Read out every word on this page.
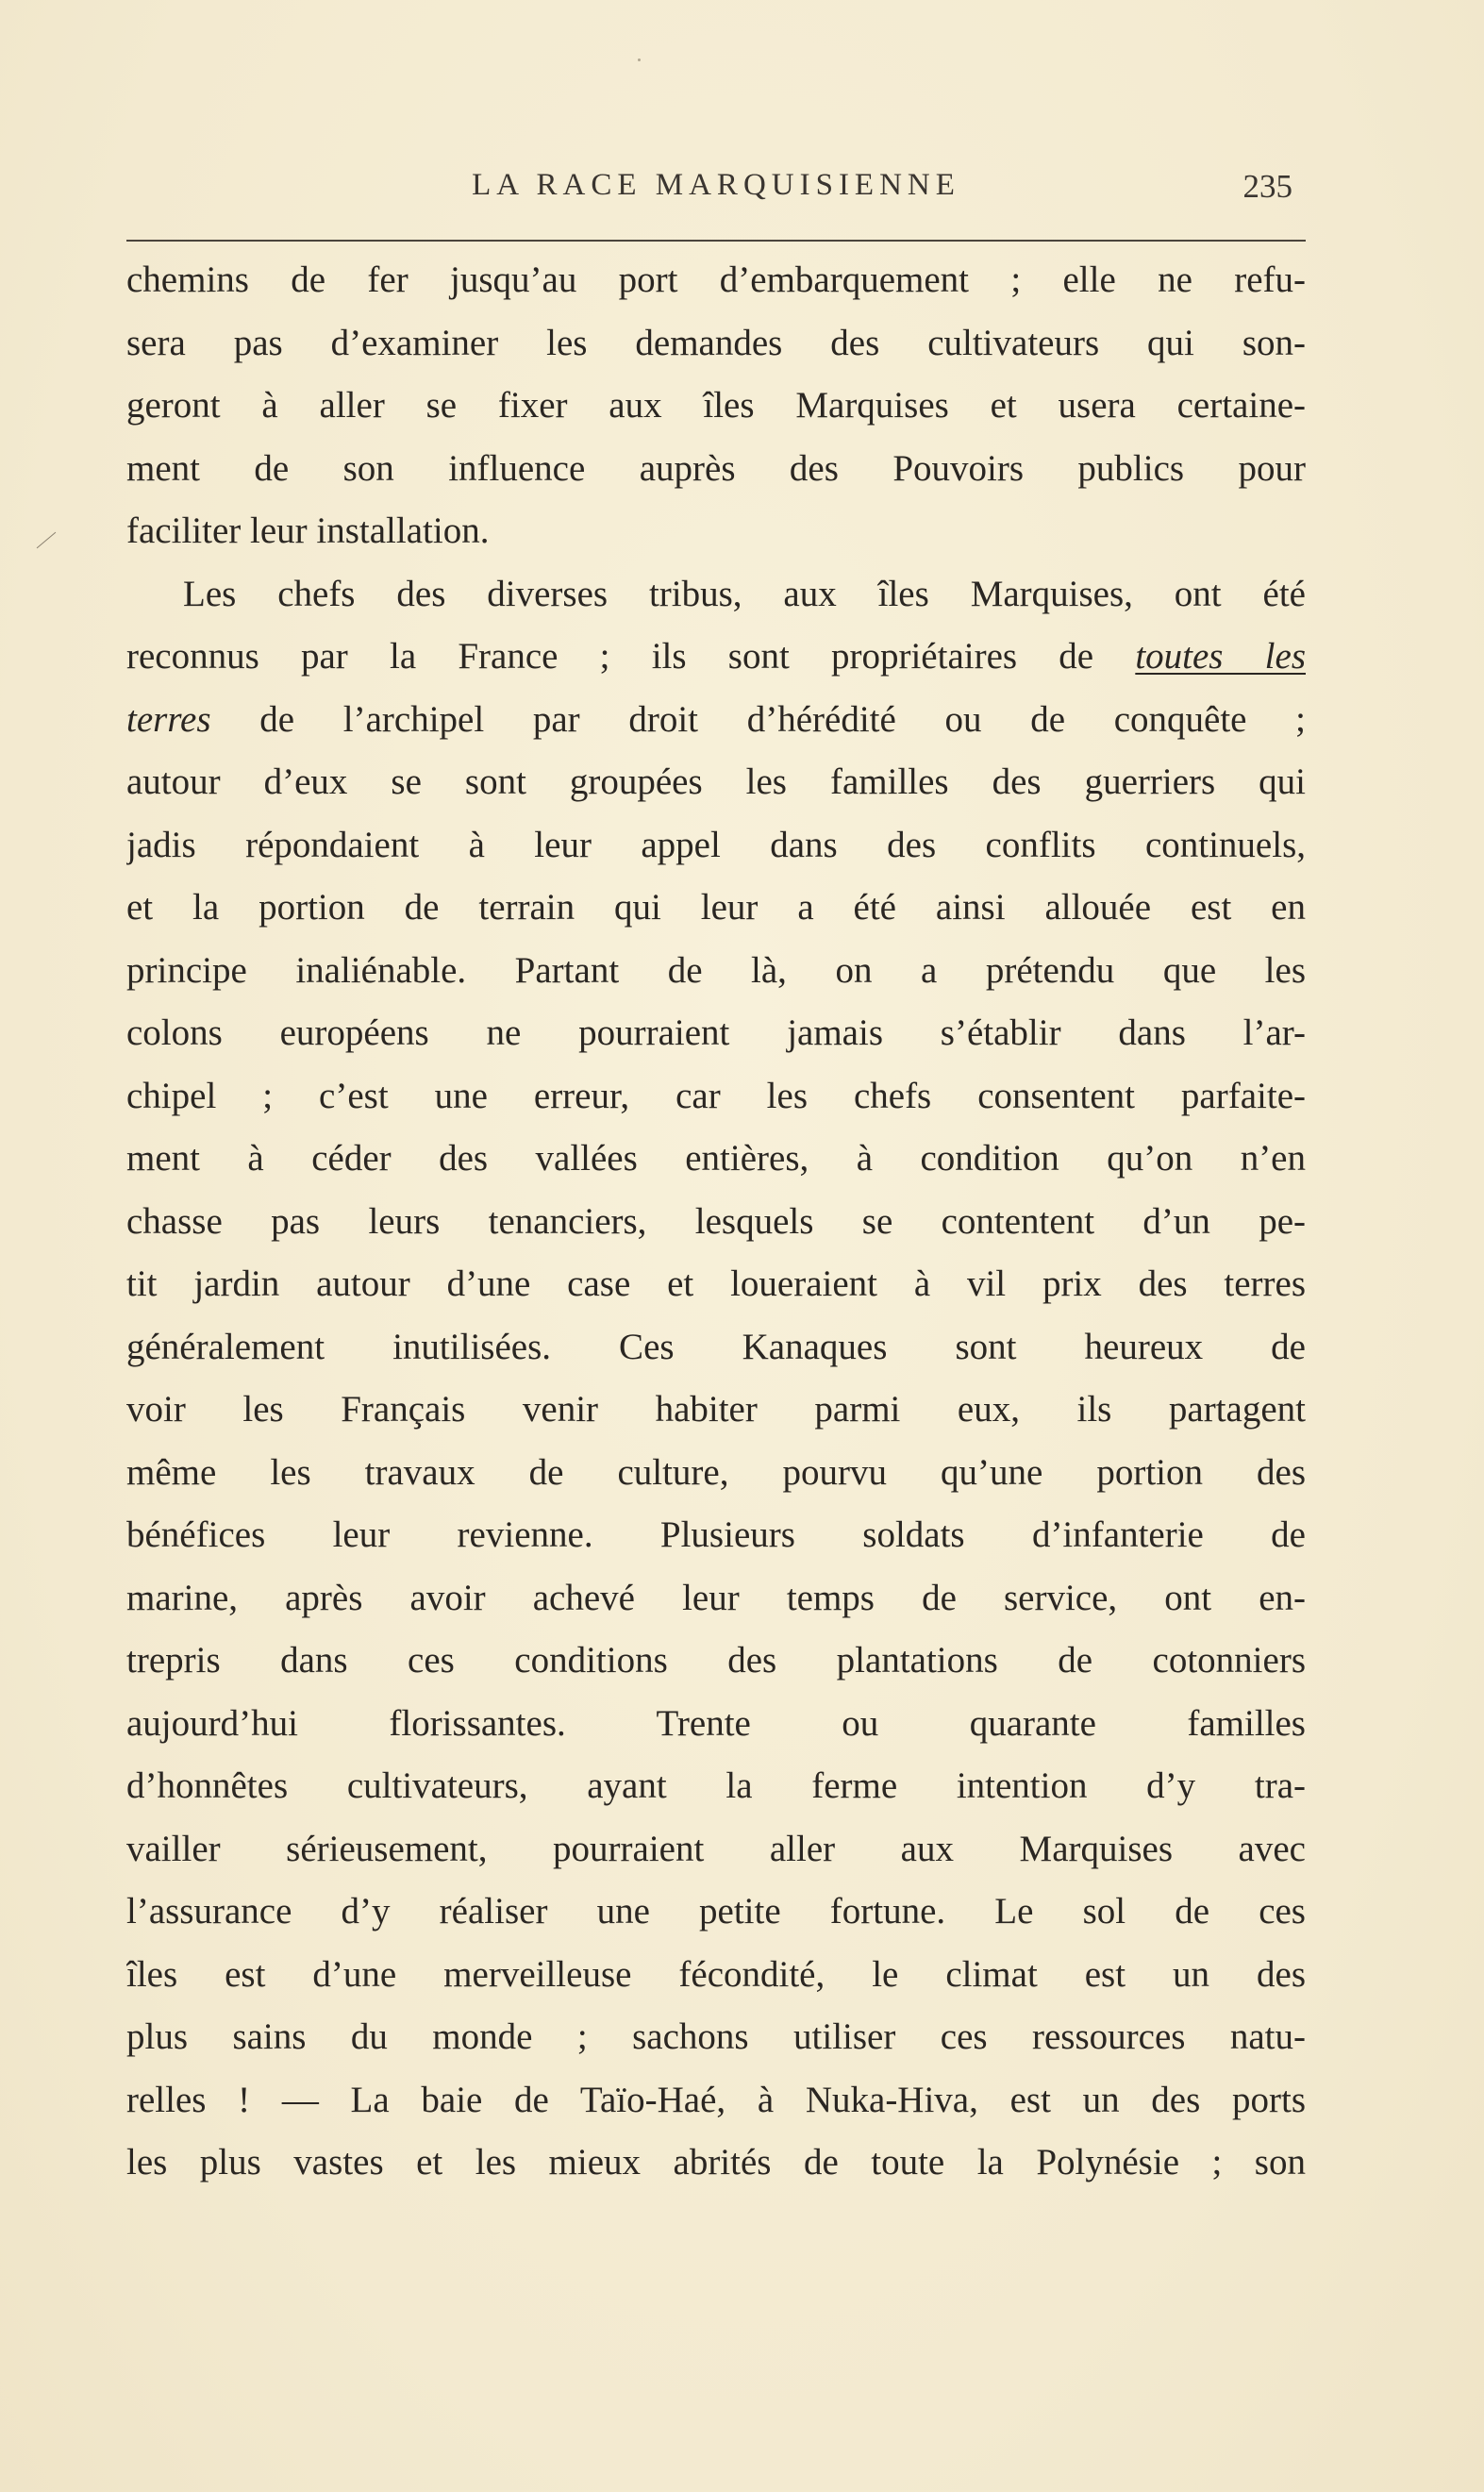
LA RACE MARQUISIENNE	235
chemins de fer jusqu’au port d’embarquement ; elle ne refu-
sera pas d’examiner les demandes des cultivateurs qui son-
geront à aller se fixer aux îles Marquises et usera certaine-
ment de son influence auprès des Pouvoirs publics pour
faciliter leur installation.
Les chefs des diverses tribus, aux îles Marquises, ont été
reconnus par la France ; ils sont propriétaires de toutes les
terres de l’archipel par droit d’hérédité ou de conquête ;
autour d’eux se sont groupées les familles des guerriers qui
jadis répondaient à leur appel dans des conflits continuels,
et la portion de terrain qui leur a été ainsi allouée est en
principe inaliénable. Partant de là, on a prétendu que les
colons européens ne pourraient jamais s’établir dans l’ar-
chipel ; c’est une erreur, car les chefs consentent parfaite-
ment à céder des vallées entières, à condition qu’on n’en
chasse pas leurs tenanciers, lesquels se contentent d’un pe-
tit jardin autour d’une case et loueraient à vil prix des terres
généralement inutilisées. Ces Kanaques sont heureux de
voir les Français venir habiter parmi eux, ils partagent
même les travaux de culture, pourvu qu’une portion des
bénéfices leur revienne. Plusieurs soldats d’infanterie de
marine, après avoir achevé leur temps de service, ont en-
trepris dans ces conditions des plantations de cotonniers
aujourd’hui florissantes. Trente ou quarante familles
d’honnêtes cultivateurs, ayant la ferme intention d’y tra-
vailler sérieusement, pourraient aller aux Marquises avec
l’assurance d’y réaliser une petite fortune. Le sol de ces
îles est d’une merveilleuse fécondité, le climat est un des
plus sains du monde ; sachons utiliser ces ressources natu-
relles ! — La baie de Taïo-Haé, à Nuka-Hiva, est un des ports
les plus vastes et les mieux abrités de toute la Polynésie ; son
